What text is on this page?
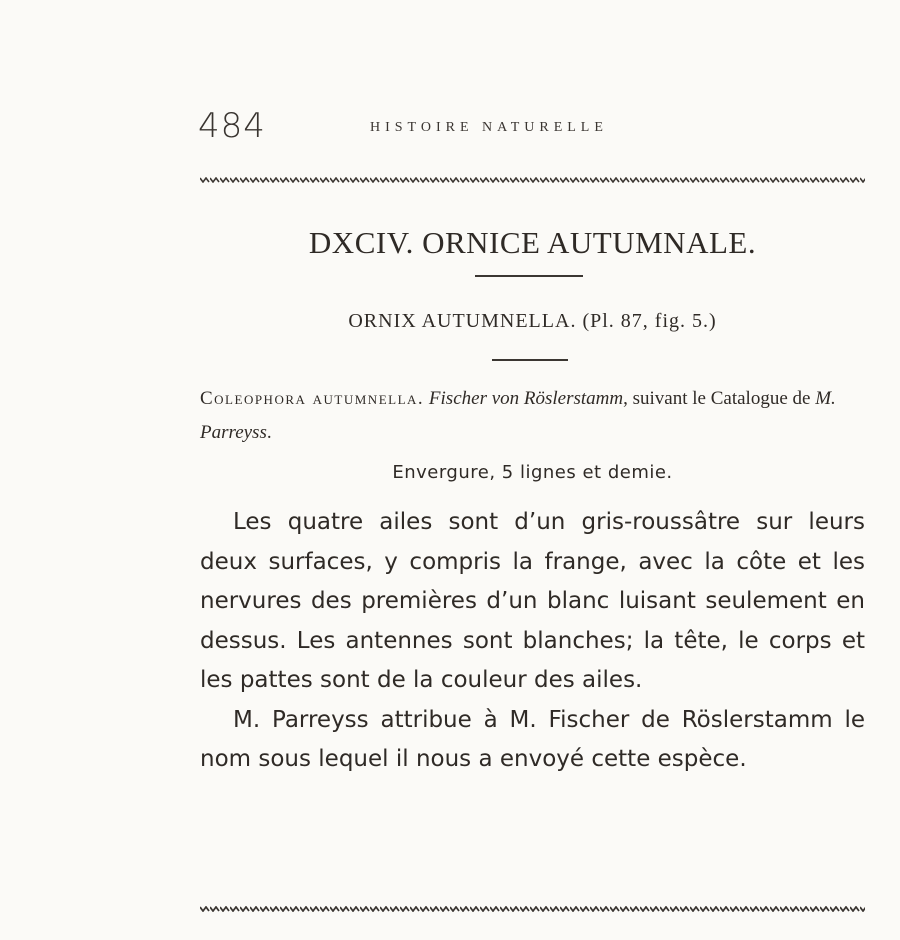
484	HISTOIRE NATURELLE
DXCIV. ORNICE AUTUMNALE.
ORNIX AUTUMNELLA. (Pl. 87, fig. 5.)
Coleophora autumnella. Fischer von Röslerstamm, suivant le Catalogue de M. Parreyss.
Envergure, 5 lignes et demie.

Les quatre ailes sont d’un gris-roussâtre sur leurs deux surfaces, y compris la frange, avec la côte et les nervures des premières d’un blanc luisant seulement en dessus. Les antennes sont blanches; la tête, le corps et les pattes sont de la couleur des ailes.

M. Parreyss attribue à M. Fischer de Röslerstamm le nom sous lequel il nous a envoyé cette espèce.
